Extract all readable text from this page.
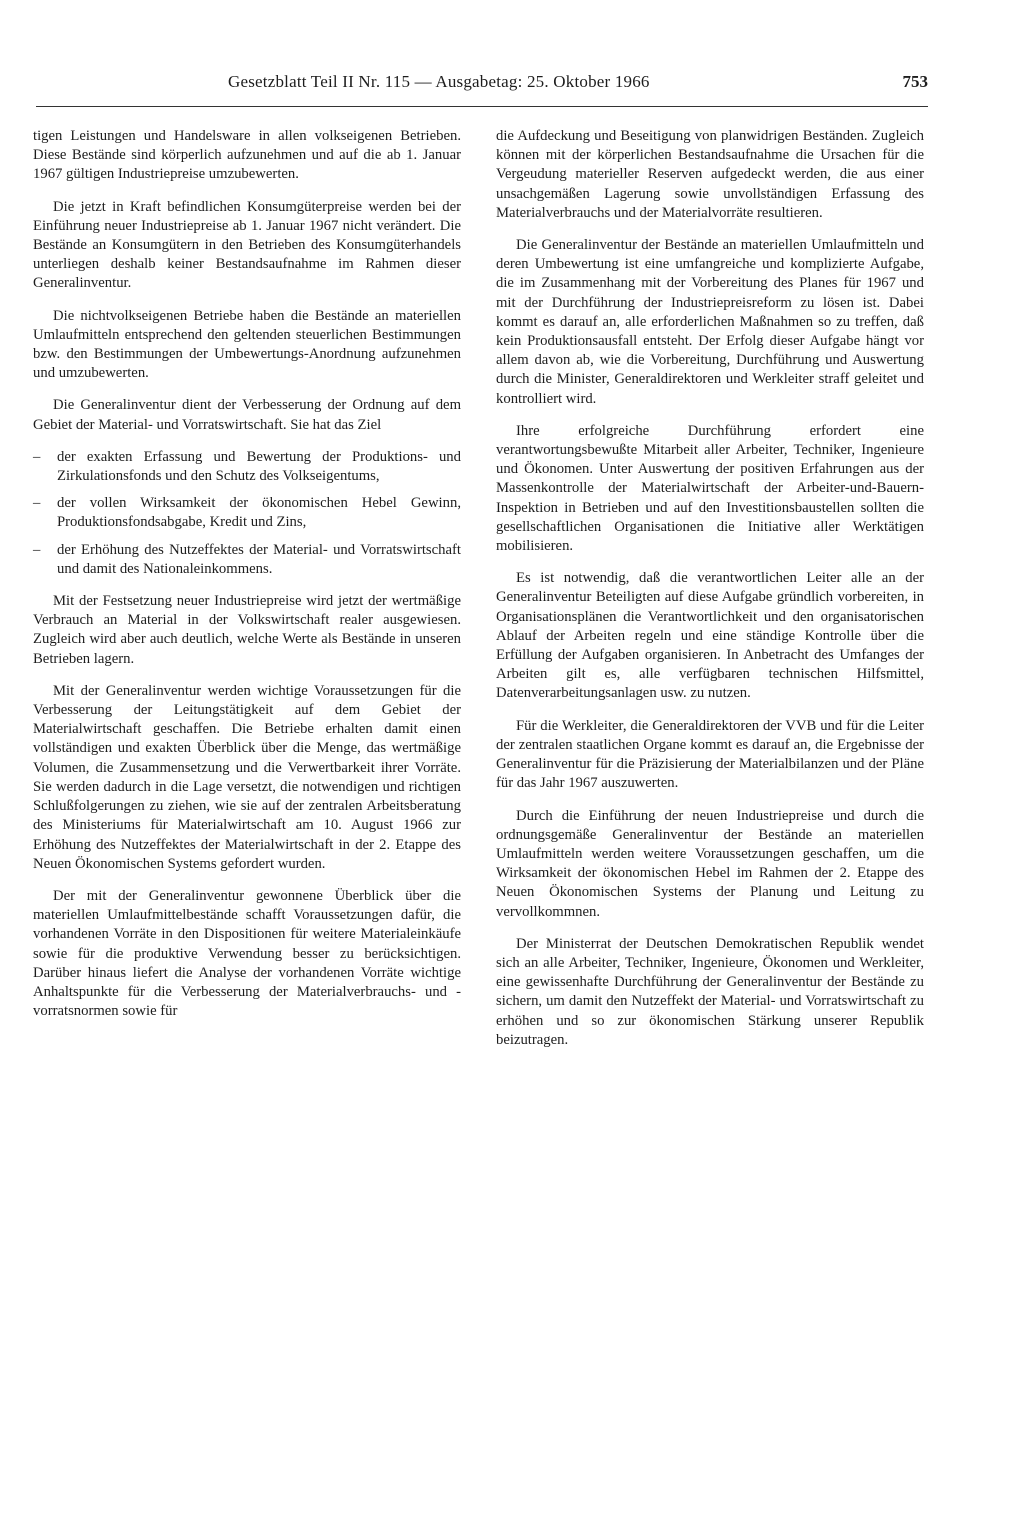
Gesetzblatt Teil II Nr. 115 — Ausgabetag: 25. Oktober 1966	753

tigen Leistungen und Handelsware in allen volkseigenen Betrieben. Diese Bestände sind körperlich aufzunehmen und auf die ab 1. Januar 1967 gültigen Industriepreise umzubewerten.

Die jetzt in Kraft befindlichen Konsumgüterpreise werden bei der Einführung neuer Industriepreise ab 1. Januar 1967 nicht verändert. Die Bestände an Konsumgütern in den Betrieben des Konsumgüterhandels unterliegen deshalb keiner Bestandsaufnahme im Rahmen dieser Generalinventur.

Die nichtvolkseigenen Betriebe haben die Bestände an materiellen Umlaufmitteln entsprechend den geltenden steuerlichen Bestimmungen bzw. den Bestimmungen der Umbewertungs-Anordnung aufzunehmen und umzubewerten.

Die Generalinventur dient der Verbesserung der Ordnung auf dem Gebiet der Material- und Vorratswirtschaft. Sie hat das Ziel

– der exakten Erfassung und Bewertung der Produktions- und Zirkulationsfonds und den Schutz des Volkseigentums,
– der vollen Wirksamkeit der ökonomischen Hebel Gewinn, Produktionsfondsabgabe, Kredit und Zins,
– der Erhöhung des Nutzeffektes der Material- und Vorratswirtschaft und damit des Nationaleinkommens.

Mit der Festsetzung neuer Industriepreise wird jetzt der wertmäßige Verbrauch an Material in der Volkswirtschaft realer ausgewiesen. Zugleich wird aber auch deutlich, welche Werte als Bestände in unseren Betrieben lagern.

Mit der Generalinventur werden wichtige Voraussetzungen für die Verbesserung der Leitungstätigkeit auf dem Gebiet der Materialwirtschaft geschaffen. Die Betriebe erhalten damit einen vollständigen und exakten Überblick über die Menge, das wertmäßige Volumen, die Zusammensetzung und die Verwertbarkeit ihrer Vorräte. Sie werden dadurch in die Lage versetzt, die notwendigen und richtigen Schlußfolgerungen zu ziehen, wie sie auf der zentralen Arbeitsberatung des Ministeriums für Materialwirtschaft am 10. August 1966 zur Erhöhung des Nutzeffektes der Materialwirtschaft in der 2. Etappe des Neuen Ökonomischen Systems gefordert wurden.

Der mit der Generalinventur gewonnene Überblick über die materiellen Umlaufmittelbestände schafft Voraussetzungen dafür, die vorhandenen Vorräte in den Dispositionen für weitere Materialeinkäufe sowie für die produktive Verwendung besser zu berücksichtigen. Darüber hinaus liefert die Analyse der vorhandenen Vorräte wichtige Anhaltspunkte für die Verbesserung der Materialverbrauchs- und -vorratsnormen sowie für

die Aufdeckung und Beseitigung von planwidrigen Beständen. Zugleich können mit der körperlichen Bestandsaufnahme die Ursachen für die Vergeudung materieller Reserven aufgedeckt werden, die aus einer unsachgemäßen Lagerung sowie unvollständigen Erfassung des Materialverbrauchs und der Materialvorräte resultieren.

Die Generalinventur der Bestände an materiellen Umlaufmitteln und deren Umbewertung ist eine umfangreiche und komplizierte Aufgabe, die im Zusammenhang mit der Vorbereitung des Planes für 1967 und mit der Durchführung der Industriepreisreform zu lösen ist. Dabei kommt es darauf an, alle erforderlichen Maßnahmen so zu treffen, daß kein Produktionsausfall entsteht. Der Erfolg dieser Aufgabe hängt vor allem davon ab, wie die Vorbereitung, Durchführung und Auswertung durch die Minister, Generaldirektoren und Werkleiter straff geleitet und kontrolliert wird.

Ihre erfolgreiche Durchführung erfordert eine verantwortungsbewußte Mitarbeit aller Arbeiter, Techniker, Ingenieure und Ökonomen. Unter Auswertung der positiven Erfahrungen aus der Massenkontrolle der Materialwirtschaft der Arbeiter-und-Bauern-Inspektion in Betrieben und auf den Investitionsbaustellen sollten die gesellschaftlichen Organisationen die Initiative aller Werktätigen mobilisieren.

Es ist notwendig, daß die verantwortlichen Leiter alle an der Generalinventur Beteiligten auf diese Aufgabe gründlich vorbereiten, in Organisationsplänen die Verantwortlichkeit und den organisatorischen Ablauf der Arbeiten regeln und eine ständige Kontrolle über die Erfüllung der Aufgaben organisieren. In Anbetracht des Umfanges der Arbeiten gilt es, alle verfügbaren technischen Hilfsmittel, Datenverarbeitungsanlagen usw. zu nutzen.

Für die Werkleiter, die Generaldirektoren der VVB und für die Leiter der zentralen staatlichen Organe kommt es darauf an, die Ergebnisse der Generalinventur für die Präzisierung der Materialbilanzen und der Pläne für das Jahr 1967 auszuwerten.

Durch die Einführung der neuen Industriepreise und durch die ordnungsgemäße Generalinventur der Bestände an materiellen Umlaufmitteln werden weitere Voraussetzungen geschaffen, um die Wirksamkeit der ökonomischen Hebel im Rahmen der 2. Etappe des Neuen Ökonomischen Systems der Planung und Leitung zu vervollkommnen.

Der Ministerrat der Deutschen Demokratischen Republik wendet sich an alle Arbeiter, Techniker, Ingenieure, Ökonomen und Werkleiter, eine gewissenhafte Durchführung der Generalinventur der Bestände zu sichern, um damit den Nutzeffekt der Material- und Vorratswirtschaft zu erhöhen und so zur ökonomischen Stärkung unserer Republik beizutragen.
